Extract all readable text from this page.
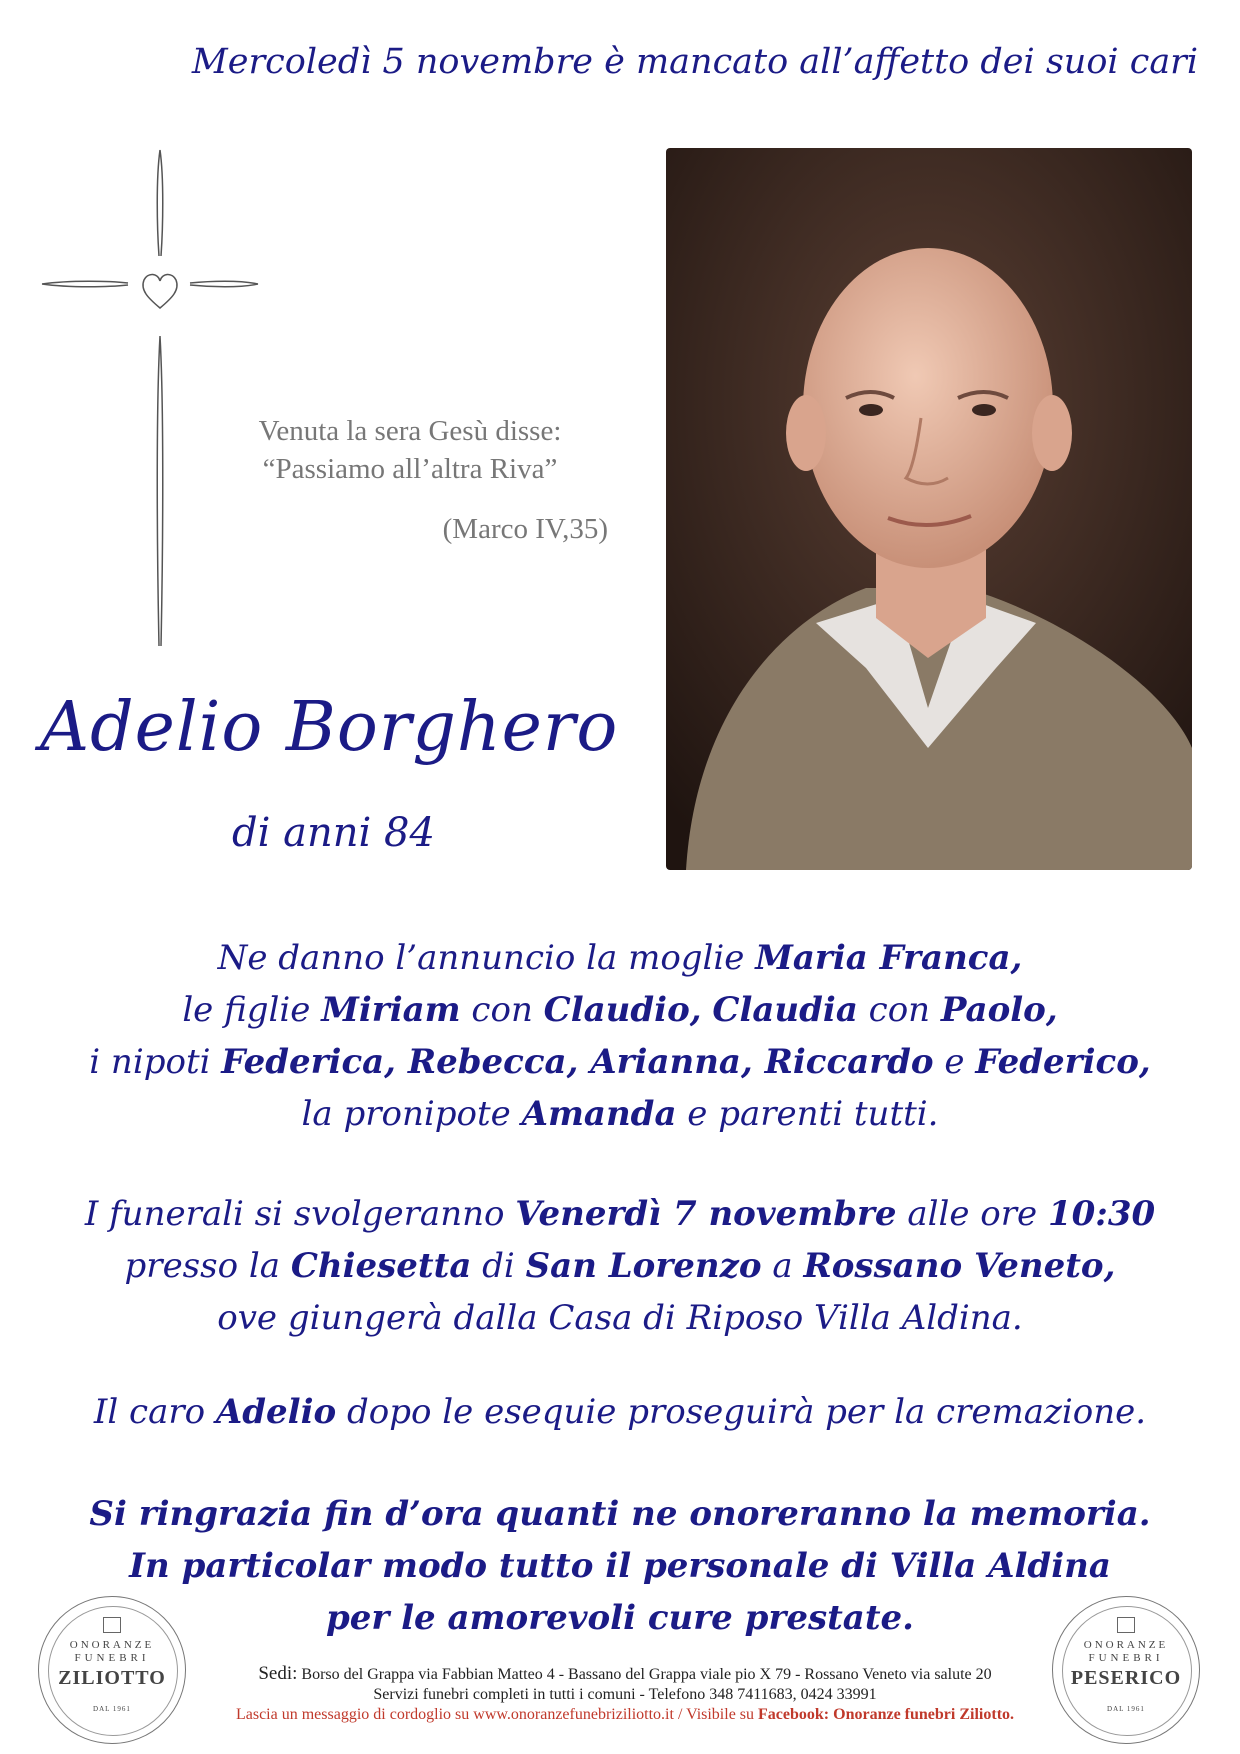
Mercoledì 5 novembre è mancato all’affetto dei suoi cari
Venuta la sera Gesù disse:
“Passiamo all’altra Riva”
(Marco IV,35)
Adelio Borghero
di anni 84
Ne danno l’annuncio la moglie Maria Franca,
le figlie Miriam con Claudio, Claudia con Paolo,
i nipoti Federica, Rebecca, Arianna, Riccardo e Federico,
la pronipote Amanda e parenti tutti.
I funerali si svolgeranno Venerdì 7 novembre alle ore 10:30
presso la Chiesetta di San Lorenzo a Rossano Veneto,
ove giungerà dalla Casa di Riposo Villa Aldina.
Il caro Adelio dopo le esequie proseguirà per la cremazione.
Si ringrazia fin d’ora quanti ne onoreranno la memoria.
In particolar modo tutto il personale di Villa Aldina
per le amorevoli cure prestate.
ONORANZE
FUNEBRI
ZILIOTTO
DAL 1961
ONORANZE
FUNEBRI
PESERICO
DAL 1961
Sedi: Borso del Grappa via Fabbian Matteo 4 - Bassano del Grappa viale pio X 79 - Rossano Veneto via salute 20
Servizi funebri completi in tutti i comuni - Telefono 348 7411683, 0424 33991
Lascia un messaggio di cordoglio su www.onoranzefunebriziliotto.it / Visibile su Facebook: Onoranze funebri Ziliotto.
